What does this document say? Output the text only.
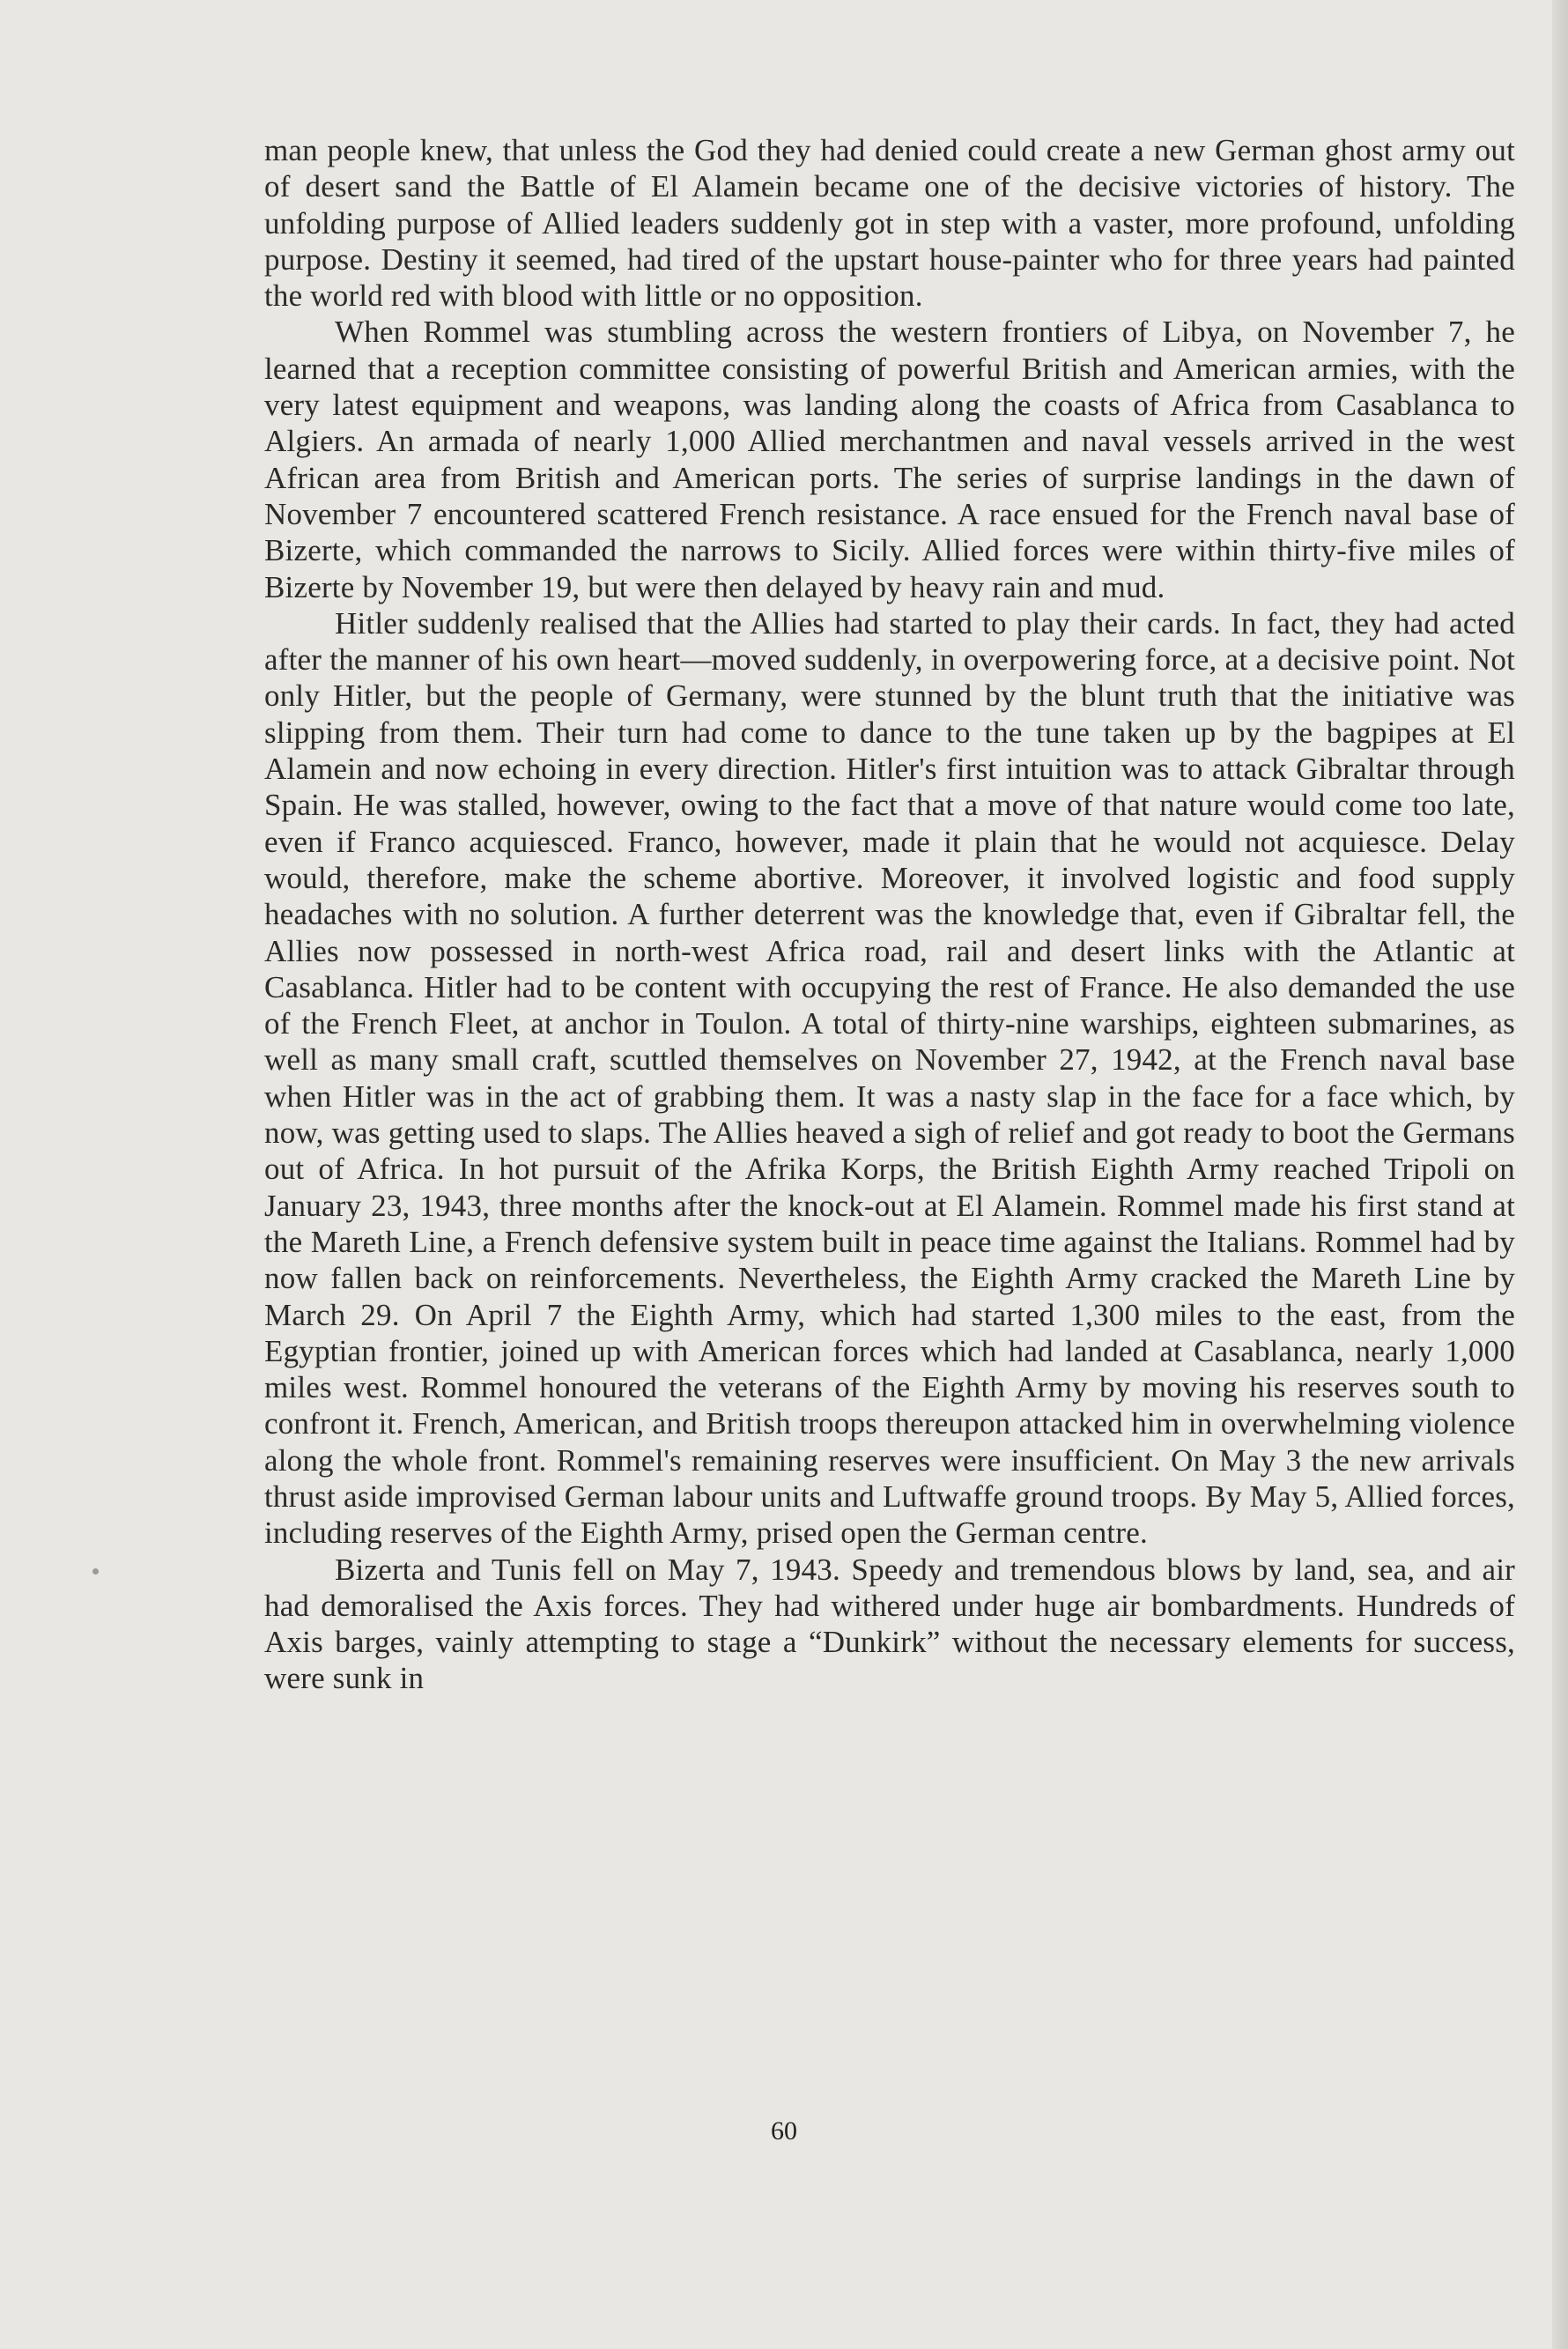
man people knew, that unless the God they had denied could create a new German ghost army out of desert sand the Battle of El Alamein became one of the decisive victories of history. The unfolding purpose of Allied leaders suddenly got in step with a vaster, more profound, unfolding purpose. Destiny it seemed, had tired of the upstart house-painter who for three years had painted the world red with blood with little or no opposition.

When Rommel was stumbling across the western frontiers of Libya, on November 7, he learned that a reception committee consisting of powerful British and American armies, with the very latest equipment and weapons, was landing along the coasts of Africa from Casablanca to Algiers. An armada of nearly 1,000 Allied merchantmen and naval vessels arrived in the west African area from British and American ports. The series of surprise landings in the dawn of November 7 encountered scattered French resistance. A race ensued for the French naval base of Bizerte, which commanded the narrows to Sicily. Allied forces were within thirty-five miles of Bizerte by November 19, but were then delayed by heavy rain and mud.

Hitler suddenly realised that the Allies had started to play their cards. In fact, they had acted after the manner of his own heart—moved suddenly, in overpowering force, at a decisive point. Not only Hitler, but the people of Germany, were stunned by the blunt truth that the initiative was slipping from them. Their turn had come to dance to the tune taken up by the bagpipes at El Alamein and now echoing in every direction. Hitler's first intuition was to attack Gibraltar through Spain. He was stalled, however, owing to the fact that a move of that nature would come too late, even if Franco acquiesced. Franco, however, made it plain that he would not acquiesce. Delay would, therefore, make the scheme abortive. Moreover, it involved logistic and food supply headaches with no solution. A further deterrent was the knowledge that, even if Gibraltar fell, the Allies now possessed in north-west Africa road, rail and desert links with the Atlantic at Casablanca. Hitler had to be content with occupying the rest of France. He also demanded the use of the French Fleet, at anchor in Toulon. A total of thirty-nine warships, eighteen submarines, as well as many small craft, scuttled themselves on November 27, 1942, at the French naval base when Hitler was in the act of grabbing them. It was a nasty slap in the face for a face which, by now, was getting used to slaps. The Allies heaved a sigh of relief and got ready to boot the Germans out of Africa. In hot pursuit of the Afrika Korps, the British Eighth Army reached Tripoli on January 23, 1943, three months after the knock-out at El Alamein. Rommel made his first stand at the Mareth Line, a French defensive system built in peace time against the Italians. Rommel had by now fallen back on reinforcements. Nevertheless, the Eighth Army cracked the Mareth Line by March 29. On April 7 the Eighth Army, which had started 1,300 miles to the east, from the Egyptian frontier, joined up with American forces which had landed at Casablanca, nearly 1,000 miles west. Rommel honoured the veterans of the Eighth Army by moving his reserves south to confront it. French, American, and British troops thereupon attacked him in overwhelming violence along the whole front. Rommel's remaining reserves were insufficient. On May 3 the new arrivals thrust aside improvised German labour units and Luftwaffe ground troops. By May 5, Allied forces, including reserves of the Eighth Army, prised open the German centre.

Bizerta and Tunis fell on May 7, 1943. Speedy and tremendous blows by land, sea, and air had demoralised the Axis forces. They had withered under huge air bombardments. Hundreds of Axis barges, vainly attempting to stage a “Dunkirk” without the necessary elements for success, were sunk in

60
